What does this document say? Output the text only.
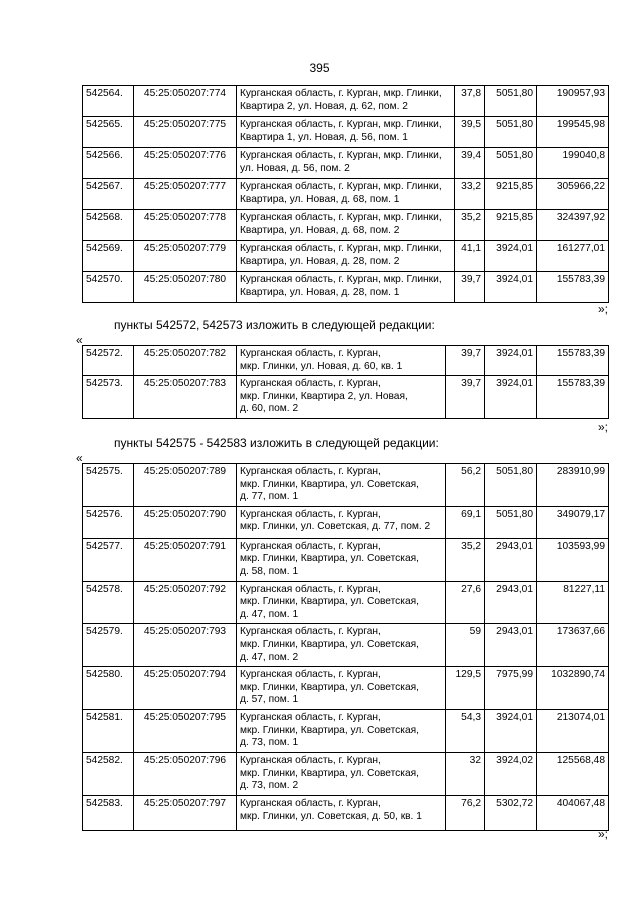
395
542564.	45:25:050207:774	Курганская область, г. Курган, мкр. Глинки,
Квартира 2, ул. Новая, д. 62, пом. 2	37,8	5051,80	190957,93
542565.	45:25:050207:775	Курганская область, г. Курган, мкр. Глинки,
Квартира 1, ул. Новая, д. 56, пом. 1	39,5	5051,80	199545,98
542566.	45:25:050207:776	Курганская область, г. Курган, мкр. Глинки,
ул. Новая, д. 56, пом. 2	39,4	5051,80	199040,8
542567.	45:25:050207:777	Курганская область, г. Курган, мкр. Глинки,
Квартира, ул. Новая, д. 68, пом. 1	33,2	9215,85	305966,22
542568.	45:25:050207:778	Курганская область, г. Курган, мкр. Глинки,
Квартира, ул. Новая, д. 68, пом. 2	35,2	9215,85	324397,92
542569.	45:25:050207:779	Курганская область, г. Курган, мкр. Глинки,
Квартира, ул. Новая, д. 28, пом. 2	41,1	3924,01	161277,01
542570.	45:25:050207:780	Курганская область, г. Курган, мкр. Глинки,
Квартира, ул. Новая, д. 28, пом. 1	39,7	3924,01	155783,39
»;
пункты 542572, 542573 изложить в следующей редакции:
«
542572.	45:25:050207:782	Курганская область, г. Курган,
мкр. Глинки, ул. Новая, д. 60, кв. 1	39,7	3924,01	155783,39
542573.	45:25:050207:783	Курганская область, г. Курган,
мкр. Глинки, Квартира 2, ул. Новая,
д. 60, пом. 2	39,7	3924,01	155783,39
»;
пункты 542575 - 542583 изложить в следующей редакции:
«
542575.	45:25:050207:789	Курганская область, г. Курган,
мкр. Глинки, Квартира, ул. Советская,
д. 77, пом. 1	56,2	5051,80	283910,99
542576.	45:25:050207:790	Курганская область, г. Курган,
мкр. Глинки, ул. Советская, д. 77, пом. 2	69,1	5051,80	349079,17
542577.	45:25:050207:791	Курганская область, г. Курган,
мкр. Глинки, Квартира, ул. Советская,
д. 58, пом. 1	35,2	2943,01	103593,99
542578.	45:25:050207:792	Курганская область, г. Курган,
мкр. Глинки, Квартира, ул. Советская,
д. 47, пом. 1	27,6	2943,01	81227,11
542579.	45:25:050207:793	Курганская область, г. Курган,
мкр. Глинки, Квартира, ул. Советская,
д. 47, пом. 2	59	2943,01	173637,66
542580.	45:25:050207:794	Курганская область, г. Курган,
мкр. Глинки, Квартира, ул. Советская,
д. 57, пом. 1	129,5	7975,99	1032890,74
542581.	45:25:050207:795	Курганская область, г. Курган,
мкр. Глинки, Квартира, ул. Советская,
д. 73, пом. 1	54,3	3924,01	213074,01
542582.	45:25:050207:796	Курганская область, г. Курган,
мкр. Глинки, Квартира, ул. Советская,
д. 73, пом. 2	32	3924,02	125568,48
542583.	45:25:050207:797	Курганская область, г. Курган,
мкр. Глинки, ул. Советская, д. 50, кв. 1	76,2	5302,72	404067,48
»;
